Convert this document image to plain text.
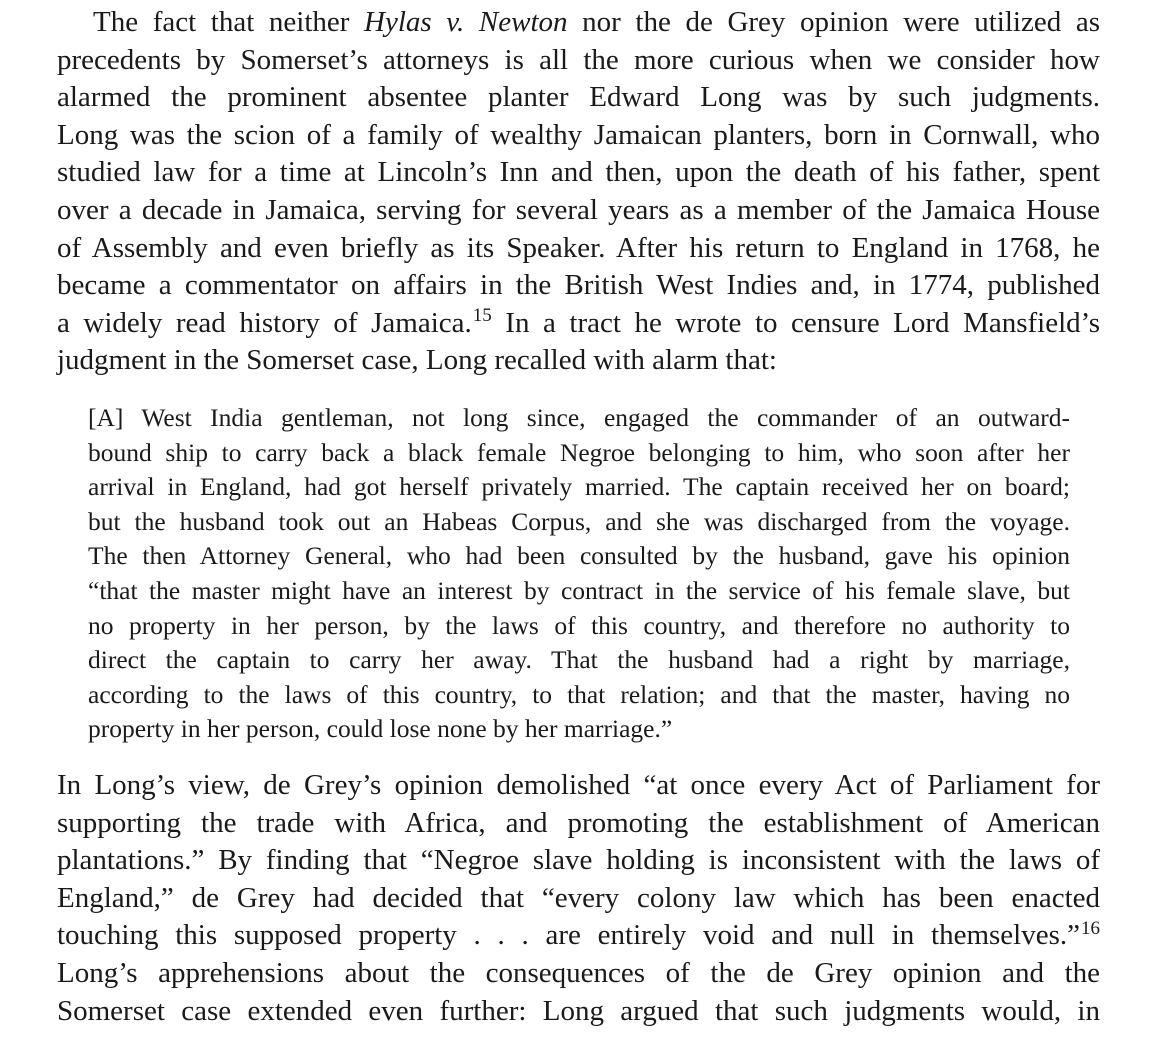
The fact that neither Hylas v. Newton nor the de Grey opinion were utilized as
precedents by Somerset’s attorneys is all the more curious when we consider how
alarmed the prominent absentee planter Edward Long was by such judgments.
Long was the scion of a family of wealthy Jamaican planters, born in Cornwall, who
studied law for a time at Lincoln’s Inn and then, upon the death of his father, spent
over a decade in Jamaica, serving for several years as a member of the Jamaica House
of Assembly and even briefly as its Speaker. After his return to England in 1768, he
became a commentator on affairs in the British West Indies and, in 1774, published
a widely read history of Jamaica.$^{15}$ In a tract he wrote to censure Lord Mansfield’s
judgment in the Somerset case, Long recalled with alarm that:

[A] West India gentleman, not long since, engaged the commander of an outward-
bound ship to carry back a black female Negroe belonging to him, who soon after her
arrival in England, had got herself privately married. The captain received her on board;
but the husband took out an Habeas Corpus, and she was discharged from the voyage.
The then Attorney General, who had been consulted by the husband, gave his opinion
“that the master might have an interest by contract in the service of his female slave, but
no property in her person, by the laws of this country, and therefore no authority to
direct the captain to carry her away. That the husband had a right by marriage,
according to the laws of this country, to that relation; and that the master, having no
property in her person, could lose none by her marriage.”

In Long’s view, de Grey’s opinion demolished “at once every Act of Parliament for
supporting the trade with Africa, and promoting the establishment of American
plantations.” By finding that “Negroe slave holding is inconsistent with the laws of
England,” de Grey had decided that “every colony law which has been enacted
touching this supposed property . . . are entirely void and null in themselves.”$^{16}$
Long’s apprehensions about the consequences of the de Grey opinion and the
Somerset case extended even further: Long argued that such judgments would, in
